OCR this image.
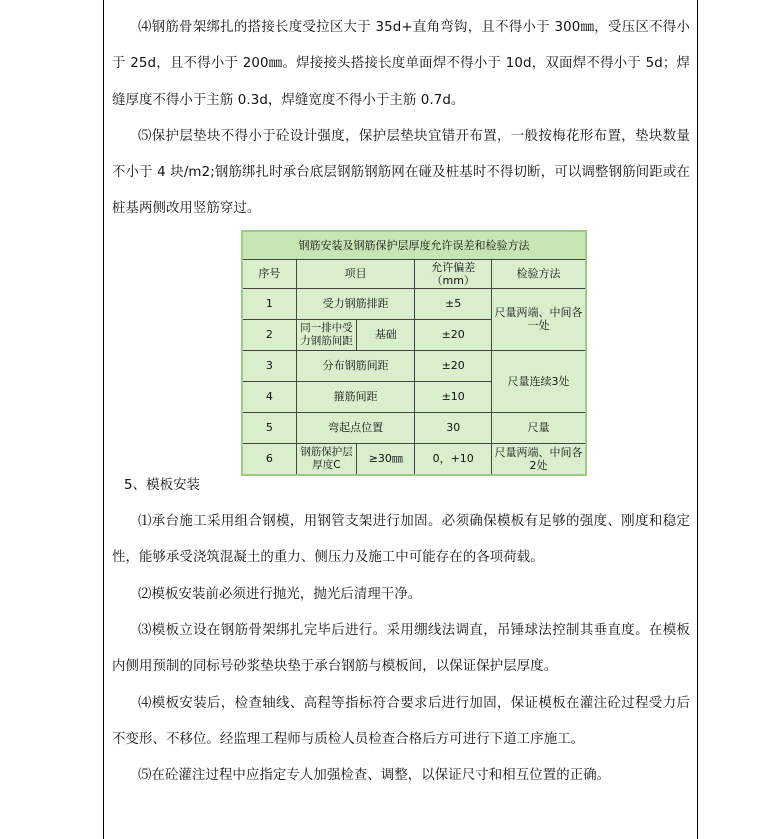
⑷钢筋骨架绑扎的搭接长度受拉区大于 35d+直角弯钩，且不得小于 300㎜，受压区不得小于 25d，且不得小于 200㎜。焊接接头搭接长度单面焊不得小于 10d，双面焊不得小于 5d；焊缝厚度不得小于主筋 0.3d，焊缝宽度不得小于主筋 0.7d。

⑸保护层垫块不得小于砼设计强度，保护层垫块宜错开布置，一般按梅花形布置，垫块数量不小于 4 块/m2;钢筋绑扎时承台底层钢筋钢筋网在碰及桩基时不得切断，可以调整钢筋间距或在桩基两侧改用竖筋穿过。

钢筋安装及钢筋保护层厚度允许误差和检验方法				
序号	项目		允许偏差（mm）	检验方法
1	受力钢筋排距		±5	尺量两端、中间各一处
2	同一排中受力钢筋间距	基础	±20	
3	分布钢筋间距		±20	尺量连续3处
4	箍筋间距		±10	
5	弯起点位置		30	尺量
6	钢筋保护层厚度C	≥30㎜	0，+10	尺量两端、中间各2处

5、模板安装

⑴承台施工采用组合钢模，用钢管支架进行加固。必须确保模板有足够的强度、刚度和稳定性，能够承受浇筑混凝土的重力、侧压力及施工中可能存在的各项荷载。

⑵模板安装前必须进行抛光，抛光后清理干净。

⑶模板立设在钢筋骨架绑扎完毕后进行。采用绷线法调直，吊锤球法控制其垂直度。在模板内侧用预制的同标号砂浆垫块垫于承台钢筋与模板间，以保证保护层厚度。

⑷模板安装后，检查轴线、高程等指标符合要求后进行加固，保证模板在灌注砼过程受力后不变形、不移位。经监理工程师与质检人员检查合格后方可进行下道工序施工。

⑸在砼灌注过程中应指定专人加强检查、调整，以保证尺寸和相互位置的正确。
